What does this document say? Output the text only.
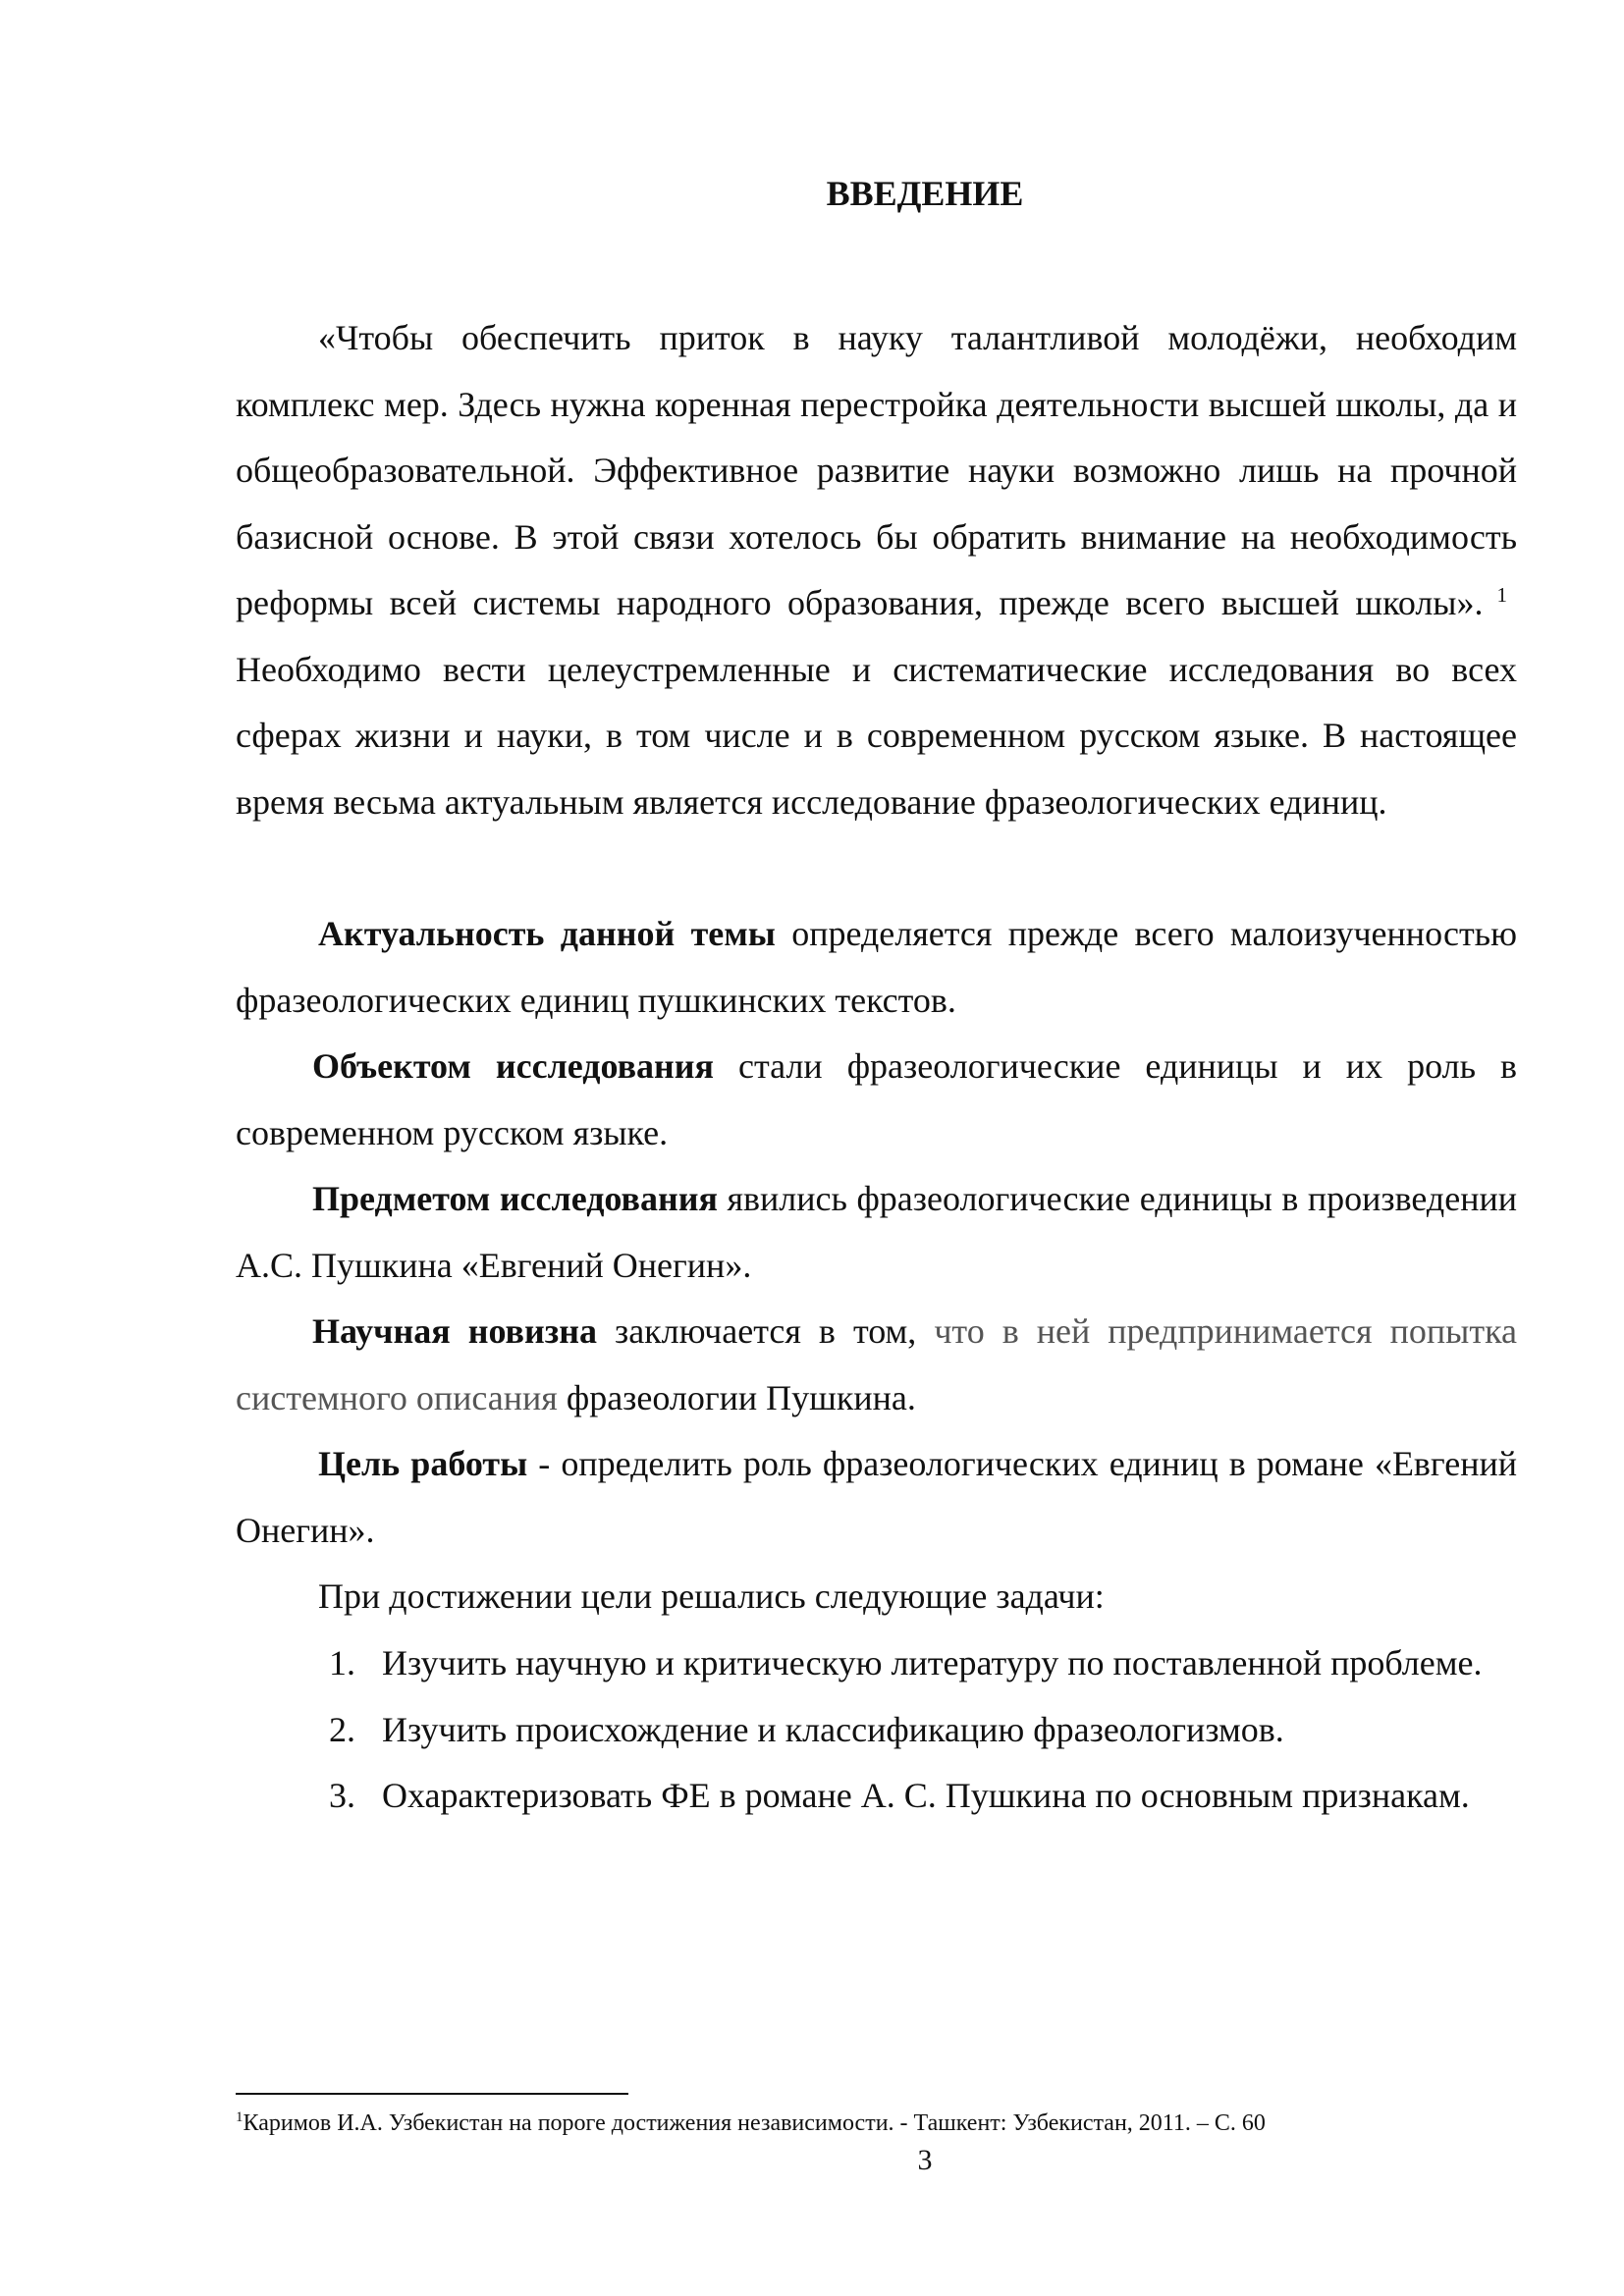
ВВЕДЕНИЕ

«Чтобы обеспечить приток в науку талантливой молодёжи, необходим комплекс мер. Здесь нужна коренная перестройка деятельности высшей школы, да и общеобразовательной. Эффективное развитие науки возможно лишь на прочной базисной основе. В этой связи хотелось бы обратить внимание на необходимость реформы всей системы народного образования, прежде всего высшей школы». $^1$ Необходимо вести целеустремленные и систематические исследования во всех сферах жизни и науки, в том числе и в современном русском языке. В настоящее время весьма актуальным является исследование фразеологических единиц.

Актуальность данной темы определяется прежде всего малоизученностью фразеологических единиц пушкинских текстов.

Объектом исследования стали фразеологические единицы и их роль в современном русском языке.

Предметом исследования явились фразеологические единицы в произведении А.С. Пушкина «Евгений Онегин».

Научная новизна заключается в том, что в ней предпринимается попытка системного описания фразеологии Пушкина.

Цель работы - определить роль фразеологических единиц в романе «Евгений Онегин».

При достижении цели решались следующие задачи:

1. Изучить научную и критическую литературу по поставленной проблеме.
2. Изучить происхождение и классификацию фразеологизмов.
3. Охарактеризовать ФЕ в романе А. С. Пушкина по основным признакам.
$^1$Каримов И.А. Узбекистан на пороге достижения независимости. - Ташкент: Узбекистан, 2011. – С. 60
3
